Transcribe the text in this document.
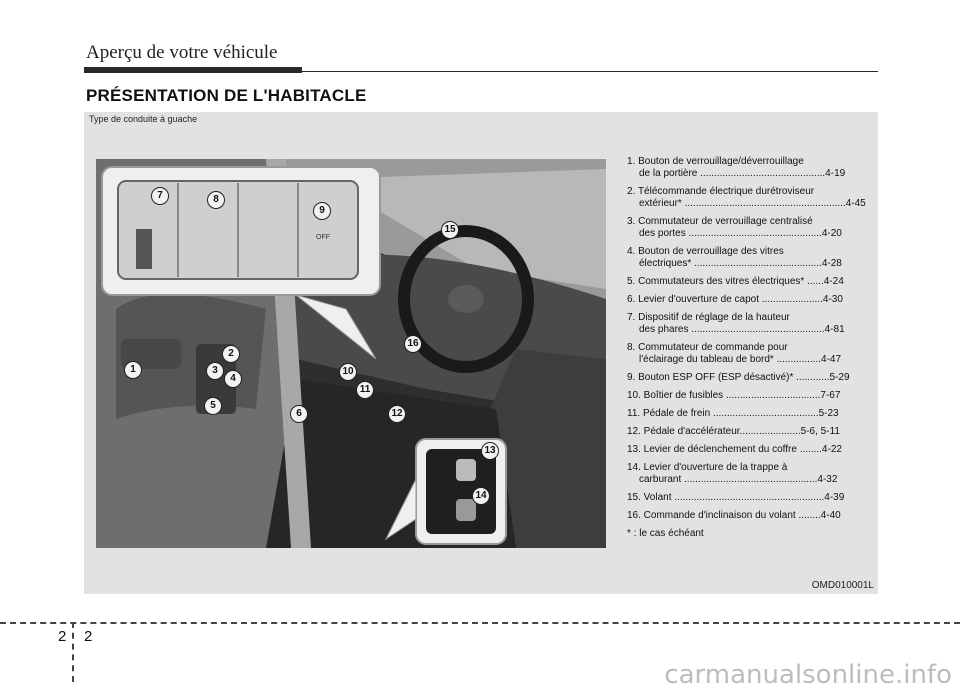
Aperçu de votre véhicule
PRÉSENTATION DE L'HABITACLE
Type de conduite à guache
OFF
1
2
3
4
5
6
7	8
9
10
11
12
13
14
15
16
1. Bouton de verrouillage/déverrouillage
de la portière .............................................4-19
2. Télécommande électrique durétroviseur
extérieur* ..........................................................4-45
3. Commutateur de verrouillage centralisé
des portes ................................................4-20
4. Bouton de verrouillage des vitres
électriques* ..............................................4-28
5. Commutateurs des vitres électriques* ......4-24
6. Levier d'ouverture de capot ......................4-30
7. Dispositif de réglage de la hauteur
des phares ................................................4-81
8. Commutateur de commande pour
l'éclairage du tableau de bord* ................4-47
9. Bouton ESP OFF (ESP désactivé)* ............5-29
10. Boîtier de fusibles ..................................7-67
11. Pédale de frein ......................................5-23
12. Pédale d'accélérateur......................5-6, 5-11
13. Levier de déclenchement du coffre ........4-22
14. Levier d'ouverture de la trappe à
carburant ................................................4-32
15. Volant ......................................................4-39
16. Commande d'inclinaison du volant ........4-40
* : le cas échéant
OMD010001L
2 2
carmanualsonline.info
